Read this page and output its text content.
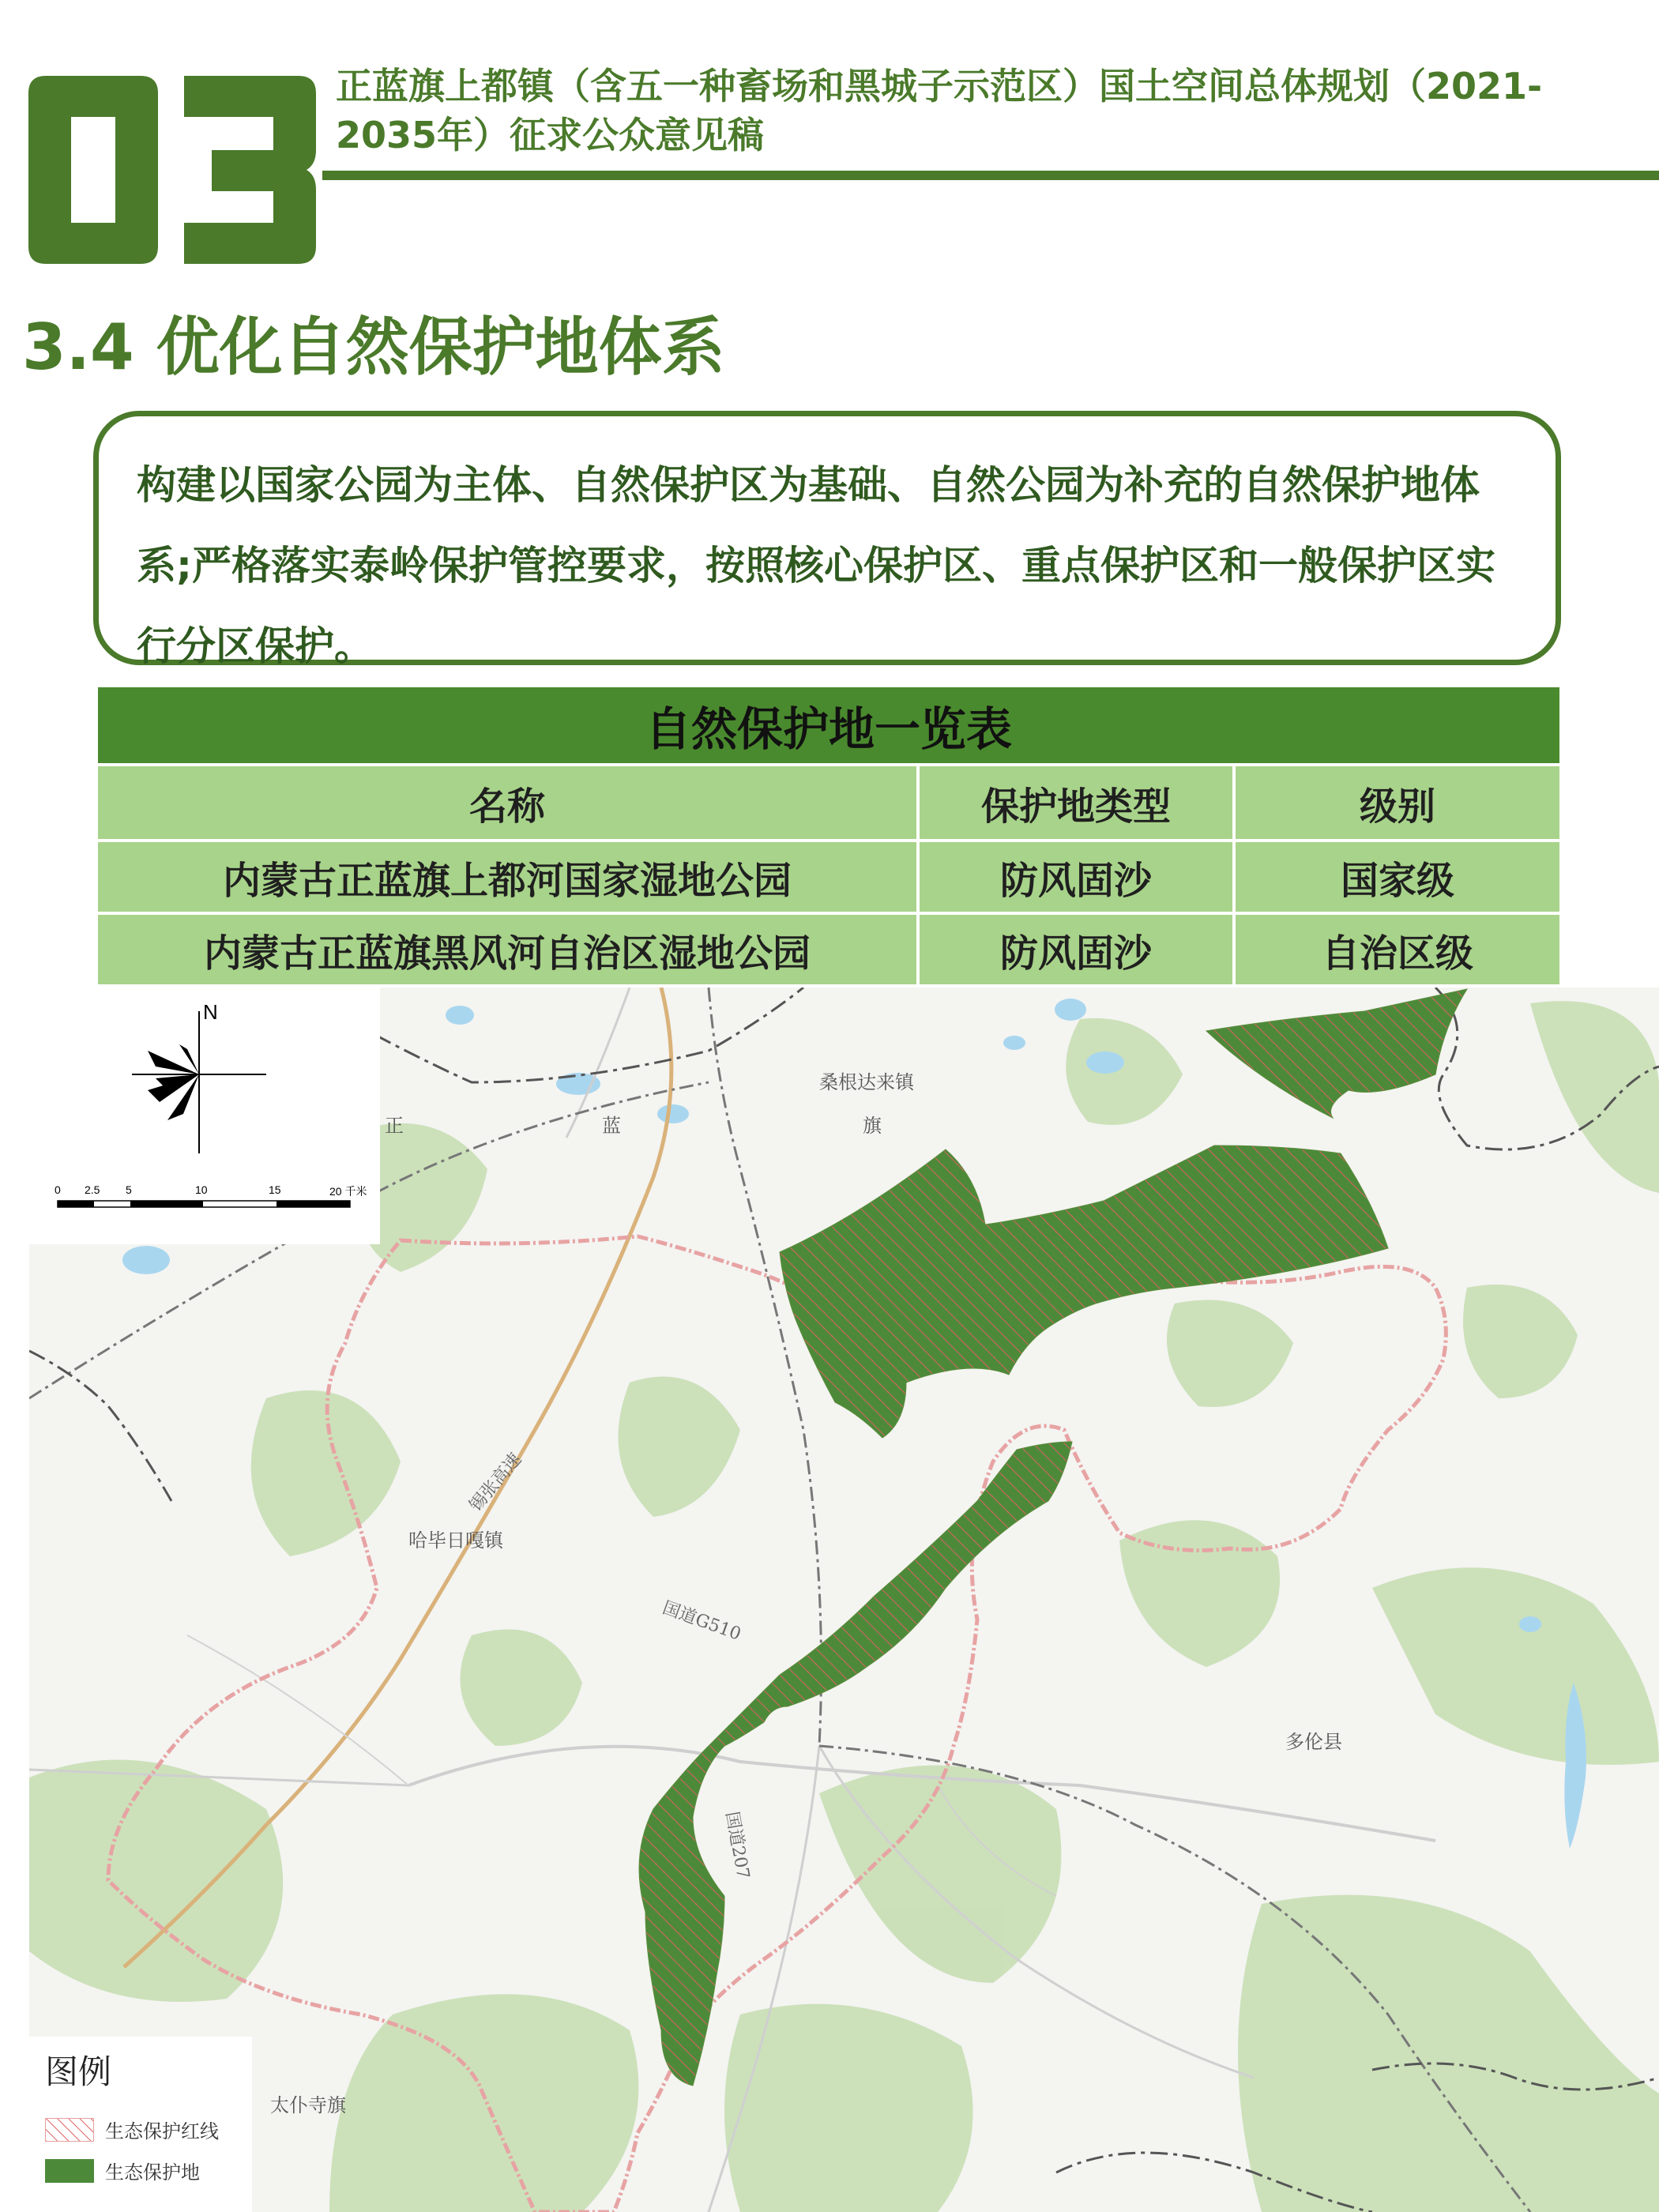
正蓝旗上都镇（含五一种畜场和黑城子示范区）国土空间总体规划（2021-2035年）征求公众意见稿
3.4 优化自然保护地体系

构建以国家公园为主体、自然保护区为基础、自然公园为补充的自然保护地体系;严格落实泰岭保护管控要求，按照核心保护区、重点保护区和一般保护区实行分区保护。

自然保护地一览表		
名称	保护地类型	级别
内蒙古正蓝旗上都河国家湿地公园	防风固沙	国家级
内蒙古正蓝旗黑风河自治区湿地公园	防风固沙	自治区级
桑根达来镇
正	蓝	旗
哈毕日嘎镇
多伦县
太仆寺旗
锡张高速
国道G510
国道207
N
0 2.5 5	10	15	20 千米
图例
生态保护红线
生态保护地
